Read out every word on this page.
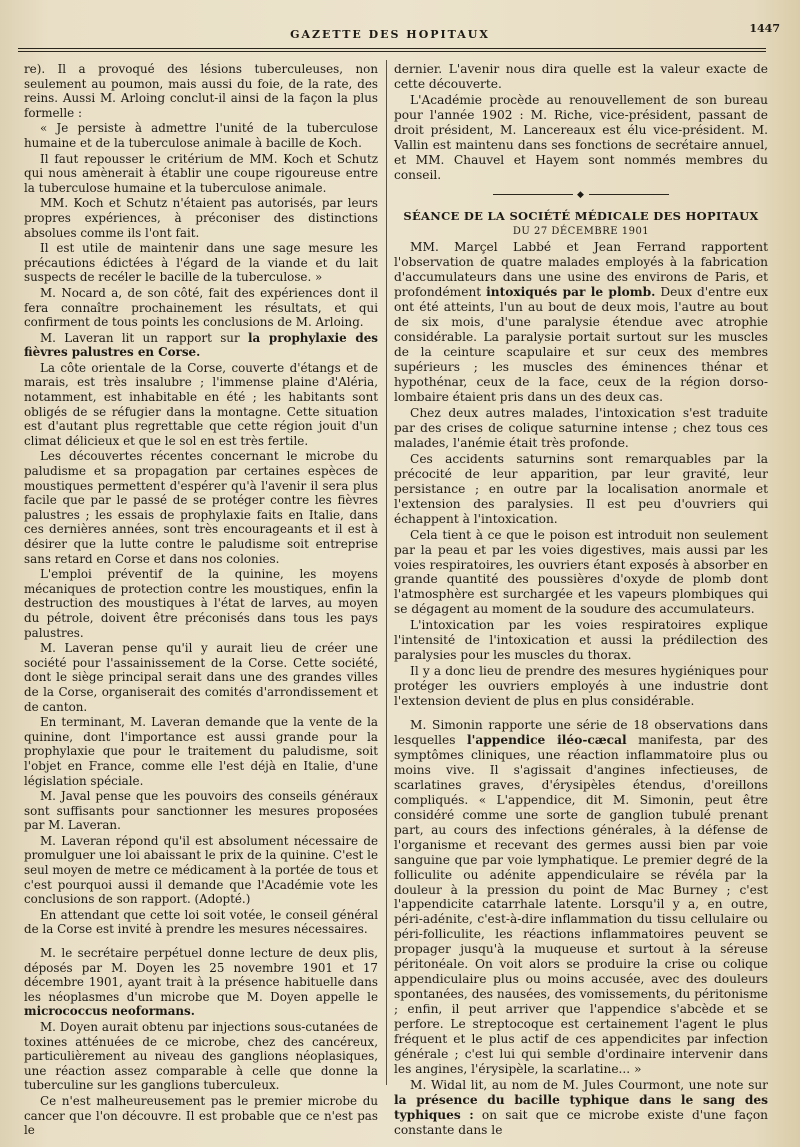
GAZETTE DES HOPITAUX	1447

re). Il a provoqué des lésions tuberculeuses, non seulement au poumon, mais aussi du foie, de la rate, des reins. Aussi M. Arloing conclut-il ainsi de la façon la plus formelle :

« Je persiste à admettre l'unité de la tuberculose humaine et de la tuberculose animale à bacille de Koch.

Il faut repousser le critérium de MM. Koch et Schutz qui nous amènerait à établir une coupe rigoureuse entre la tuberculose humaine et la tuberculose animale.

MM. Koch et Schutz n'étaient pas autorisés, par leurs propres expériences, à préconiser des distinctions absolues comme ils l'ont fait.

Il est utile de maintenir dans une sage mesure les précautions édictées à l'égard de la viande et du lait suspects de recéler le bacille de la tuberculose. »

M. Nocard a, de son côté, fait des expériences dont il fera connaître prochainement les résultats, et qui confirment de tous points les conclusions de M. Arloing.

M. Laveran lit un rapport sur la prophylaxie des fièvres palustres en Corse.

La côte orientale de la Corse, couverte d'étangs et de marais, est très insalubre ; l'immense plaine d'Aléria, notamment, est inhabitable en été ; les habitants sont obligés de se réfugier dans la montagne. Cette situation est d'autant plus regrettable que cette région jouit d'un climat délicieux et que le sol en est très fertile.

Les découvertes récentes concernant le microbe du paludisme et sa propagation par certaines espèces de moustiques permettent d'espérer qu'à l'avenir il sera plus facile que par le passé de se protéger contre les fièvres palustres ; les essais de prophylaxie faits en Italie, dans ces dernières années, sont très encourageants et il est à désirer que la lutte contre le paludisme soit entreprise sans retard en Corse et dans nos colonies.

L'emploi préventif de la quinine, les moyens mécaniques de protection contre les moustiques, enfin la destruction des moustiques à l'état de larves, au moyen du pétrole, doivent être préconisés dans tous les pays palustres.

M. Laveran pense qu'il y aurait lieu de créer une société pour l'assainissement de la Corse. Cette société, dont le siège principal serait dans une des grandes villes de la Corse, organiserait des comités d'arrondissement et de canton.

En terminant, M. Laveran demande que la vente de la quinine, dont l'importance est aussi grande pour la prophylaxie que pour le traitement du paludisme, soit l'objet en France, comme elle l'est déjà en Italie, d'une législation spéciale.

M. Javal pense que les pouvoirs des conseils généraux sont suffisants pour sanctionner les mesures proposées par M. Laveran.

M. Laveran répond qu'il est absolument nécessaire de promulguer une loi abaissant le prix de la quinine. C'est le seul moyen de metre ce médicament à la portée de tous et c'est pourquoi aussi il demande que l'Académie vote les conclusions de son rapport. (Adopté.)

En attendant que cette loi soit votée, le conseil général de la Corse est invité à prendre les mesures nécessaires.

M. le secrétaire perpétuel donne lecture de deux plis, déposés par M. Doyen les 25 novembre 1901 et 17 décembre 1901, ayant trait à la présence habituelle dans les néoplasmes d'un microbe que M. Doyen appelle le micrococcus neoformans.

M. Doyen aurait obtenu par injections sous-cutanées de toxines atténuées de ce microbe, chez des cancéreux, particulièrement au niveau des ganglions néoplasiques, une réaction assez comparable à celle que donne la tuberculine sur les ganglions tuberculeux.

Ce n'est malheureusement pas le premier microbe du cancer que l'on découvre. Il est probable que ce n'est pas le

dernier. L'avenir nous dira quelle est la valeur exacte de cette découverte.

L'Académie procède au renouvellement de son bureau pour l'année 1902 : M. Riche, vice-président, passant de droit président, M. Lancereaux est élu vice-président. M. Vallin est maintenu dans ses fonctions de secrétaire annuel, et MM. Chauvel et Hayem sont nommés membres du conseil.

◆

SÉANCE DE LA SOCIÉTÉ MÉDICALE DES HOPITAUX

DU 27 DÉCEMBRE 1901

MM. Marçel Labbé et Jean Ferrand rapportent l'observation de quatre malades employés à la fabrication d'accumulateurs dans une usine des environs de Paris, et profondément intoxiqués par le plomb. Deux d'entre eux ont été atteints, l'un au bout de deux mois, l'autre au bout de six mois, d'une paralysie étendue avec atrophie considérable. La paralysie portait surtout sur les muscles de la ceinture scapulaire et sur ceux des membres supérieurs ; les muscles des éminences thénar et hypothénar, ceux de la face, ceux de la région dorso-lombaire étaient pris dans un des deux cas.

Chez deux autres malades, l'intoxication s'est traduite par des crises de colique saturnine intense ; chez tous ces malades, l'anémie était très profonde.

Ces accidents saturnins sont remarquables par la précocité de leur apparition, par leur gravité, leur persistance ; en outre par la localisation anormale et l'extension des paralysies. Il est peu d'ouvriers qui échappent à l'intoxication.

Cela tient à ce que le poison est introduit non seulement par la peau et par les voies digestives, mais aussi par les voies respiratoires, les ouvriers étant exposés à absorber en grande quantité des poussières d'oxyde de plomb dont l'atmosphère est surchargée et les vapeurs plombiques qui se dégagent au moment de la soudure des accumulateurs.

L'intoxication par les voies respiratoires explique l'intensité de l'intoxication et aussi la prédilection des paralysies pour les muscles du thorax.

Il y a donc lieu de prendre des mesures hygiéniques pour protéger les ouvriers employés à une industrie dont l'extension devient de plus en plus considérable.

M. Simonin rapporte une série de 18 observations dans lesquelles l'appendice iléo-cæcal manifesta, par des symptômes cliniques, une réaction inflammatoire plus ou moins vive. Il s'agissait d'angines infectieuses, de scarlatines graves, d'érysipèles étendus, d'oreillons compliqués. « L'appendice, dit M. Simonin, peut être considéré comme une sorte de ganglion tubulé prenant part, au cours des infections générales, à la défense de l'organisme et recevant des germes aussi bien par voie sanguine que par voie lymphatique. Le premier degré de la folliculite ou adénite appendiculaire se révéla par la douleur à la pression du point de Mac Burney ; c'est l'appendicite catarrhale latente. Lorsqu'il y a, en outre, péri-adénite, c'est-à-dire inflammation du tissu cellulaire ou péri-folliculite, les réactions inflammatoires peuvent se propager jusqu'à la muqueuse et surtout à la séreuse péritonéale. On voit alors se produire la crise ou colique appendiculaire plus ou moins accusée, avec des douleurs spontanées, des nausées, des vomissements, du péritonisme ; enfin, il peut arriver que l'appendice s'abcède et se perfore. Le streptocoque est certainement l'agent le plus fréquent et le plus actif de ces appendicites par infection générale ; c'est lui qui semble d'ordinaire intervenir dans les angines, l'érysipèle, la scarlatine... »

M. Widal lit, au nom de M. Jules Courmont, une note sur la présence du bacille typhique dans le sang des typhiques : on sait que ce microbe existe d'une façon constante dans le
